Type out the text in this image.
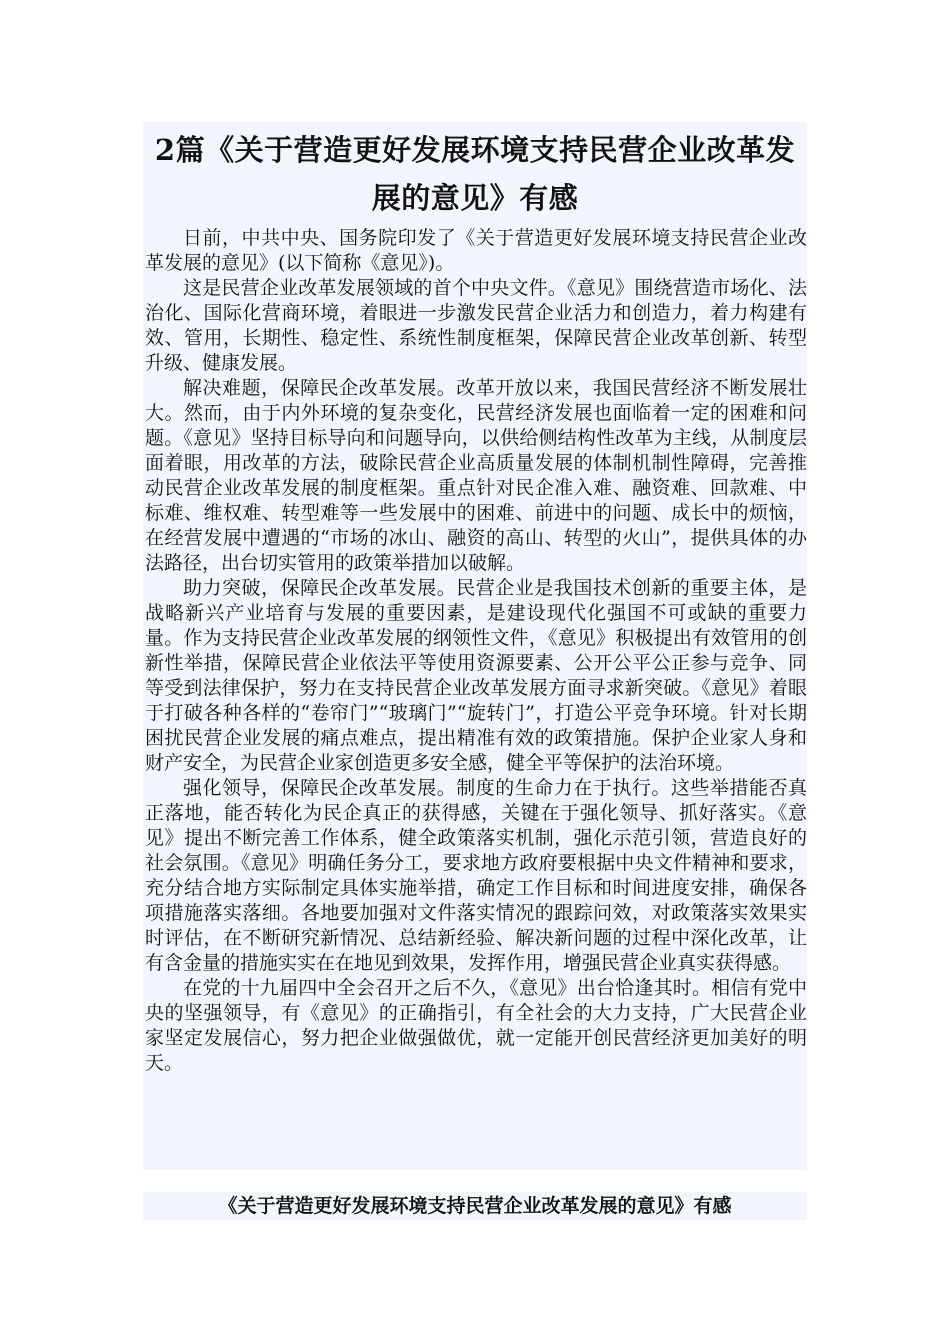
2篇《关于营造更好发展环境支持民营企业改革发展的意见》有感

日前，中共中央、国务院印发了《关于营造更好发展环境支持民营企业改革发展的意见》(以下简称《意见》)。

这是民营企业改革发展领域的首个中央文件。《意见》围绕营造市场化、法治化、国际化营商环境，着眼进一步激发民营企业活力和创造力，着力构建有效、管用，长期性、稳定性、系统性制度框架，保障民营企业改革创新、转型升级、健康发展。

解决难题，保障民企改革发展。改革开放以来，我国民营经济不断发展壮大。然而，由于内外环境的复杂变化，民营经济发展也面临着一定的困难和问题。《意见》坚持目标导向和问题导向，以供给侧结构性改革为主线，从制度层面着眼，用改革的方法，破除民营企业高质量发展的体制机制性障碍，完善推动民营企业改革发展的制度框架。重点针对民企准入难、融资难、回款难、中标难、维权难、转型难等一些发展中的困难、前进中的问题、成长中的烦恼，在经营发展中遭遇的“市场的冰山、融资的高山、转型的火山”，提供具体的办法路径，出台切实管用的政策举措加以破解。

助力突破，保障民企改革发展。民营企业是我国技术创新的重要主体，是战略新兴产业培育与发展的重要因素，是建设现代化强国不可或缺的重要力量。作为支持民营企业改革发展的纲领性文件，《意见》积极提出有效管用的创新性举措，保障民营企业依法平等使用资源要素、公开公平公正参与竞争、同等受到法律保护，努力在支持民营企业改革发展方面寻求新突破。《意见》着眼于打破各种各样的“卷帘门”“玻璃门”“旋转门”，打造公平竞争环境。针对长期困扰民营企业发展的痛点难点，提出精准有效的政策措施。保护企业家人身和财产安全，为民营企业家创造更多安全感，健全平等保护的法治环境。

强化领导，保障民企改革发展。制度的生命力在于执行。这些举措能否真正落地，能否转化为民企真正的获得感，关键在于强化领导、抓好落实。《意见》提出不断完善工作体系，健全政策落实机制，强化示范引领，营造良好的社会氛围。《意见》明确任务分工，要求地方政府要根据中央文件精神和要求，充分结合地方实际制定具体实施举措，确定工作目标和时间进度安排，确保各项措施落实落细。各地要加强对文件落实情况的跟踪问效，对政策落实效果实时评估，在不断研究新情况、总结新经验、解决新问题的过程中深化改革，让有含金量的措施实实在在地见到效果，发挥作用，增强民营企业真实获得感。

在党的十九届四中全会召开之后不久，《意见》出台恰逢其时。相信有党中央的坚强领导，有《意见》的正确指引，有全社会的大力支持，广大民营企业家坚定发展信心，努力把企业做强做优，就一定能开创民营经济更加美好的明天。

《关于营造更好发展环境支持民营企业改革发展的意见》有感
